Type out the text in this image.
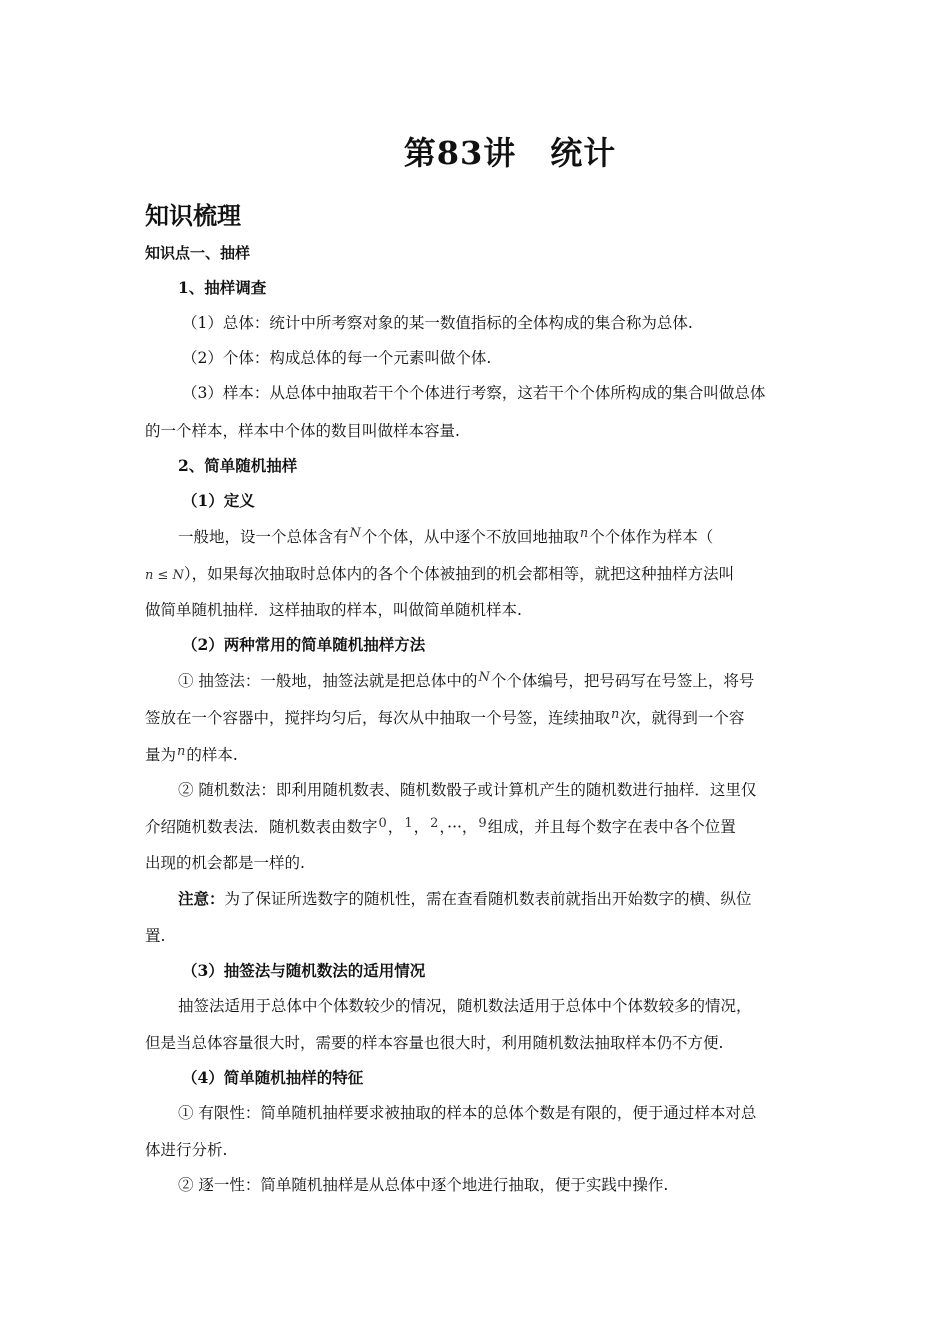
第83讲 统计
知识梳理

知识点一、抽样

1、抽样调查

（1）总体：统计中所考察对象的某一数值指标的全体构成的集合称为总体.

（2）个体：构成总体的每一个元素叫做个体.

（3）样本：从总体中抽取若干个个体进行考察，这若干个个体所构成的集合叫做总体

的一个样本，样本中个体的数目叫做样本容量.

2、简单随机抽样

（1）定义

一般地，设一个总体含有$^N$个个体，从中逐个不放回地抽取$^n$个个体作为样本（

n ≤ N），如果每次抽取时总体内的各个个体被抽到的机会都相等，就把这种抽样方法叫

做简单随机抽样．这样抽取的样本，叫做简单随机样本.

（2）两种常用的简单随机抽样方法

① 抽签法：一般地，抽签法就是把总体中的$^N$个个体编号，把号码写在号签上，将号

签放在一个容器中，搅拌均匀后，每次从中抽取一个号签，连续抽取$^n$次，就得到一个容

量为$^n$的样本.

② 随机数法：即利用随机数表、随机数骰子或计算机产生的随机数进行抽样．这里仅

介绍随机数表法．随机数表由数字$^0$，$^1$，$^2$，···，$^9$组成，并且每个数字在表中各个位置

出现的机会都是一样的.

注意：为了保证所选数字的随机性，需在查看随机数表前就指出开始数字的横、纵位

置.

（3）抽签法与随机数法的适用情况

抽签法适用于总体中个体数较少的情况，随机数法适用于总体中个体数较多的情况，

但是当总体容量很大时，需要的样本容量也很大时，利用随机数法抽取样本仍不方便.

（4）简单随机抽样的特征

① 有限性：简单随机抽样要求被抽取的样本的总体个数是有限的，便于通过样本对总

体进行分析.

② 逐一性：简单随机抽样是从总体中逐个地进行抽取，便于实践中操作.
